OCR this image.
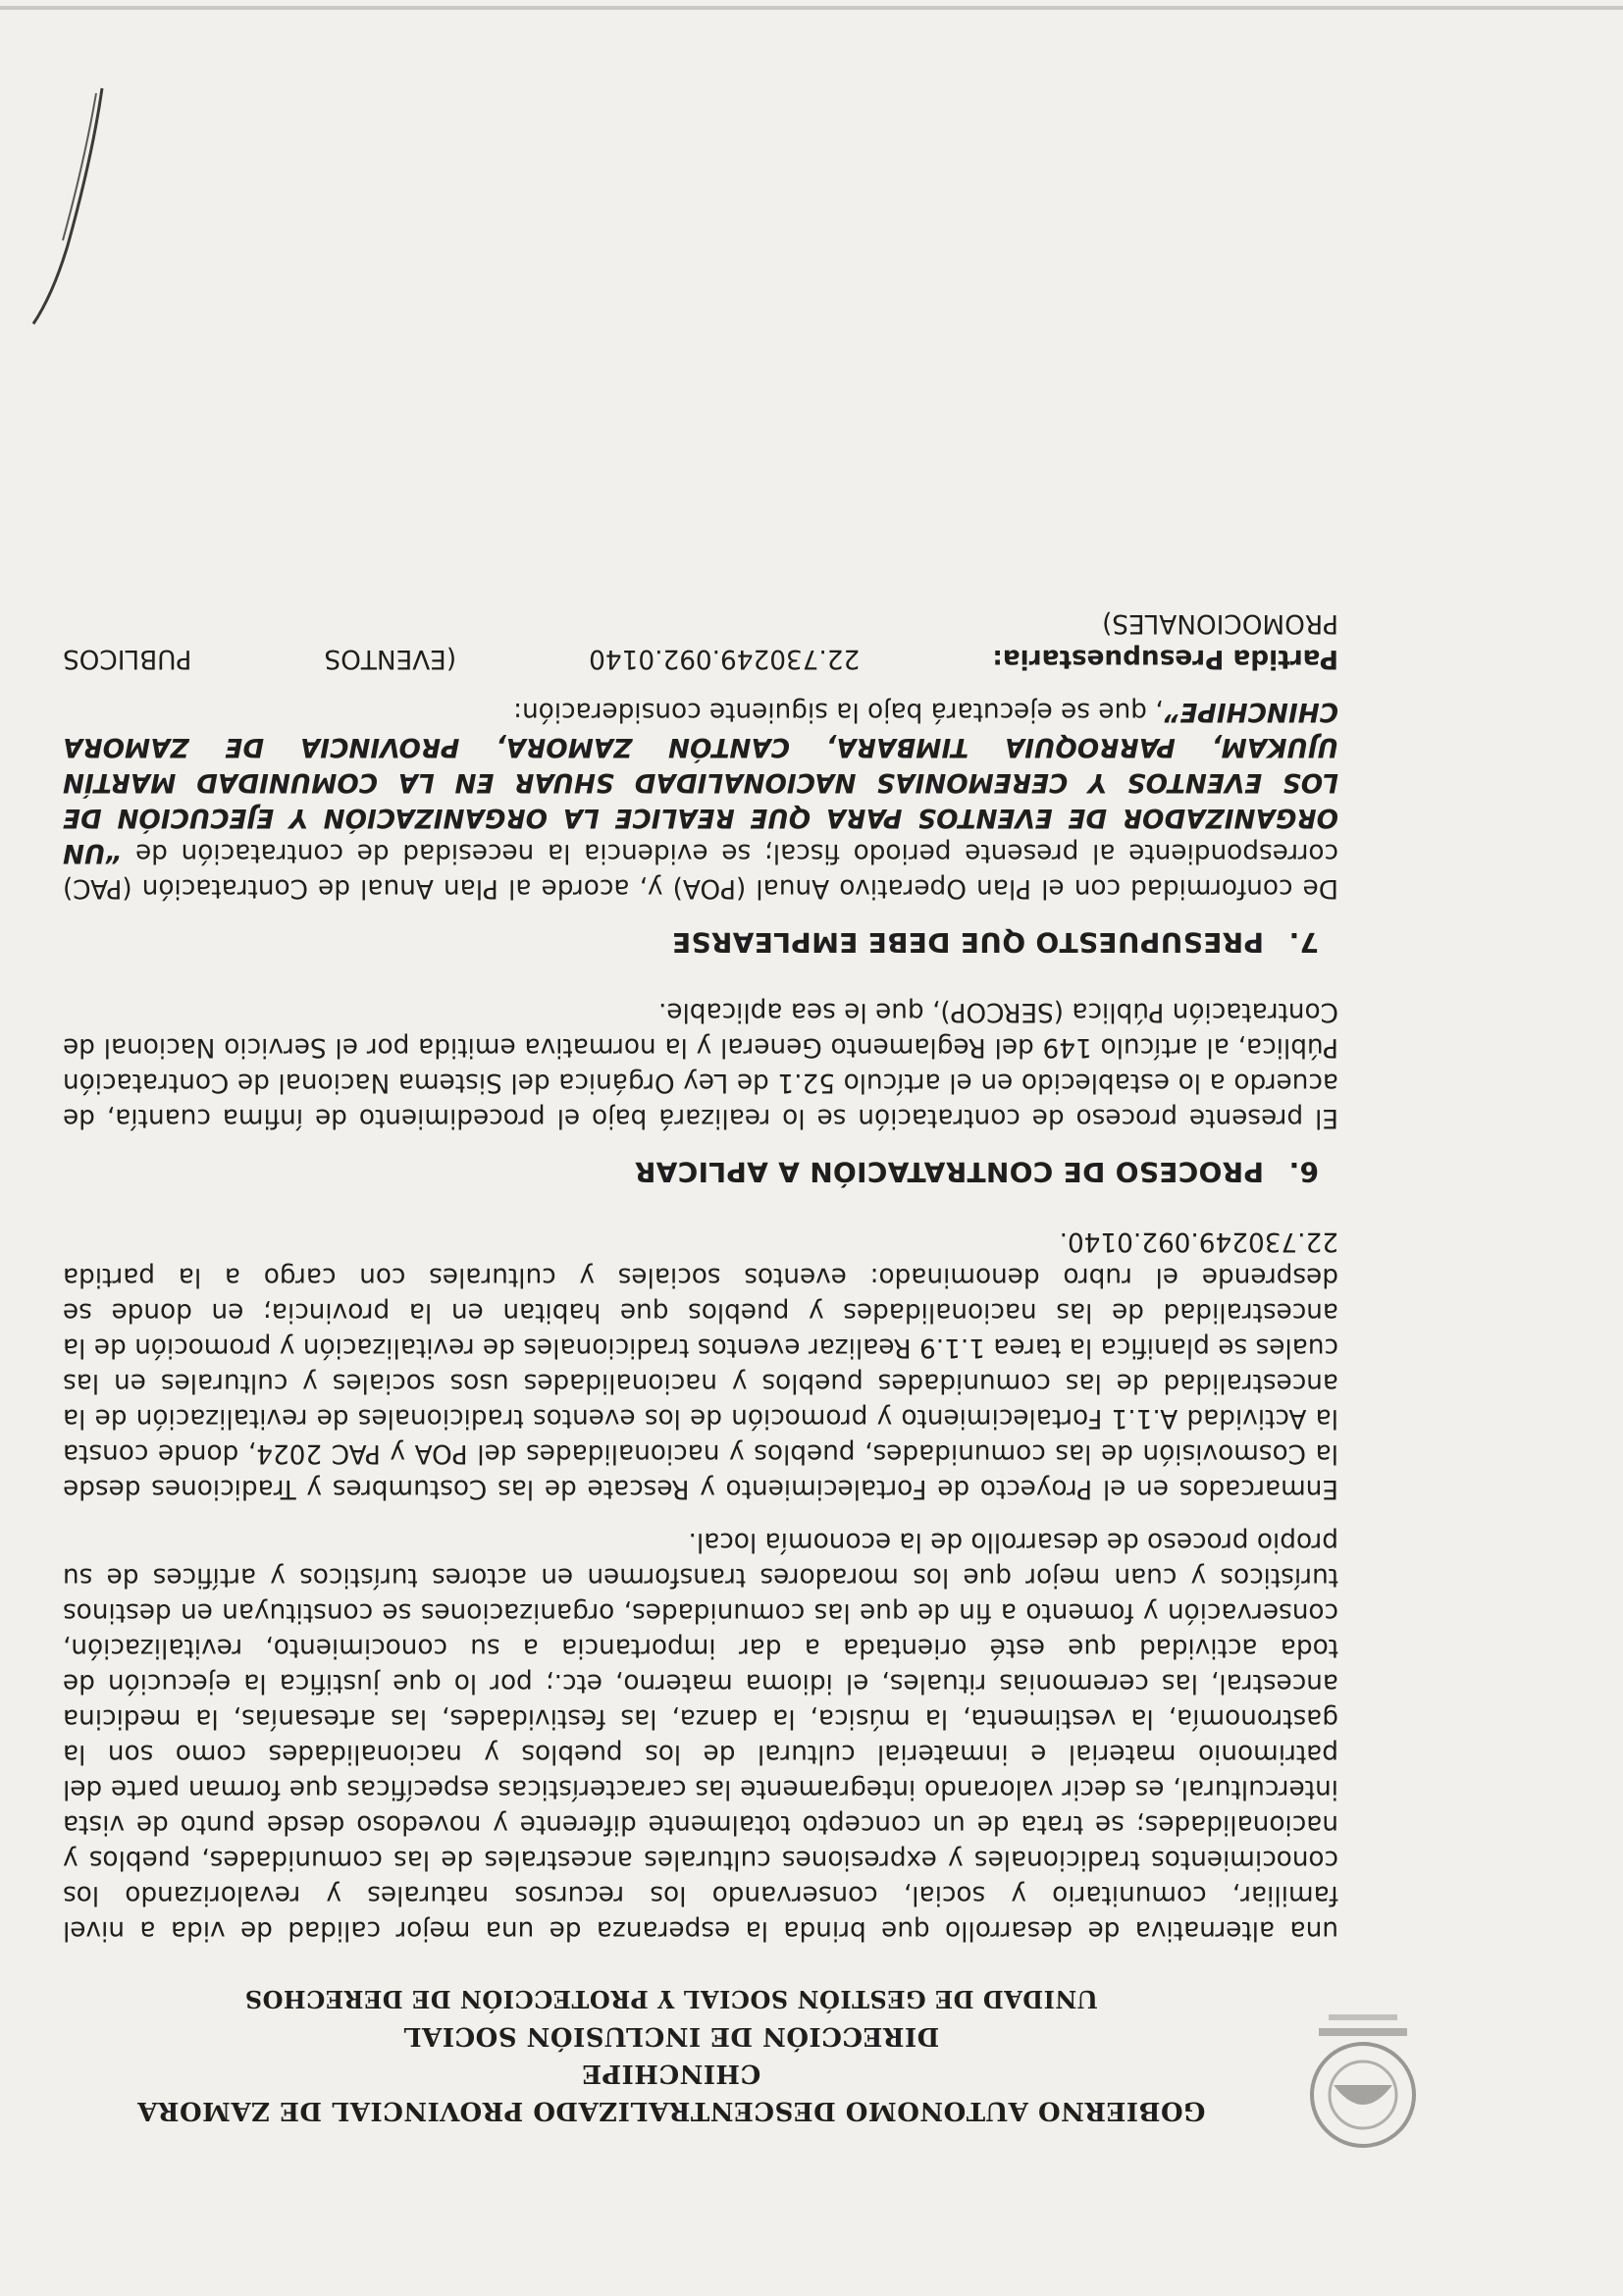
GOBIERNO AUTONOMO DESCENTRALIZADO PROVINCIAL DE ZAMORA
CHINCHIPE
DIRECCIÓN DE INCLUSIÓN SOCIAL
UNIDAD DE GESTIÓN SOCIAL Y PROTECCIÓN DE DERECHOS

una alternativa de desarrollo que brinda la esperanza de una mejor calidad de vida a nivel familiar, comunitario y social, conservando los recursos naturales y revalorizando los conocimientos tradicionales y expresiones culturales ancestrales de las comunidades, pueblos y nacionalidades; se trata de un concepto totalmente diferente y novedoso desde punto de vista intercultural, es decir valorando integramente las características específicas que forman parte del patrimonio material e inmaterial cultural de los pueblos y nacionalidades como son la gastronomía, la vestimenta, la música, la danza, las festividades, las artesanías, la medicina ancestral, las ceremonias rituales, el idioma materno, etc.; por lo que justifica la ejecución de toda actividad que esté orientada a dar importancia a su conocimiento, revitalización, conservación y fomento a fin de que las comunidades, organizaciones se constituyan en destinos turísticos y cuan mejor que los moradores transformen en actores turísticos y artífices de su propio proceso de desarrollo de la economía local.

Enmarcados en el Proyecto de Fortalecimiento y Rescate de las Costumbres y Tradiciones desde la Cosmovisión de las comunidades, pueblos y nacionalidades del POA y PAC 2024, donde consta la Actividad A.1.1 Fortalecimiento y promoción de los eventos tradicionales de revitalización de la ancestralidad de las comunidades pueblos y nacionalidades usos sociales y culturales en las cuales se planifica la tarea 1.1.9 Realizar eventos tradicionales de revitalización y promoción de la ancestralidad de las nacionalidades y pueblos que habitan en la provincia; en donde se desprende el rubro denominado: eventos sociales y culturales con cargo a la partida 22.730249.092.0140.

6.PROCESO DE CONTRATACIÓN A APLICAR

El presente proceso de contratación se lo realizará bajo el procedimiento de ínfima cuantía, de acuerdo a lo establecido en el artículo 52.1 de Ley Orgánica del Sistema Nacional de Contratación Pública, al artículo 149 del Reglamento General y la normativa emitida por el Servicio Nacional de Contratación Pública (SERCOP), que le sea aplicable.

7.PRESUPUESTO QUE DEBE EMPLEARSE

De conformidad con el Plan Operativo Anual (POA) y, acorde al Plan Anual de Contratación (PAC) correspondiente al presente periodo fiscal; se evidencia la necesidad de contratación de “UN ORGANIZADOR DE EVENTOS PARA QUE REALICE LA ORGANIZACIÓN Y EJECUCIÓN DE LOS EVENTOS Y CEREMONIAS NACIONALIDAD SHUAR EN LA COMUNIDAD MARTÍN UJUKAM, PARROQUIA TIMBARA, CANTÓN ZAMORA, PROVINCIA DE ZAMORA CHINCHIPE”, que se ejecutará bajo la siguiente consideración:

Partida Presupuestaria:
22.730249.092.0140
(EVENTOS
PUBLICOS

PROMOCIONALES)
